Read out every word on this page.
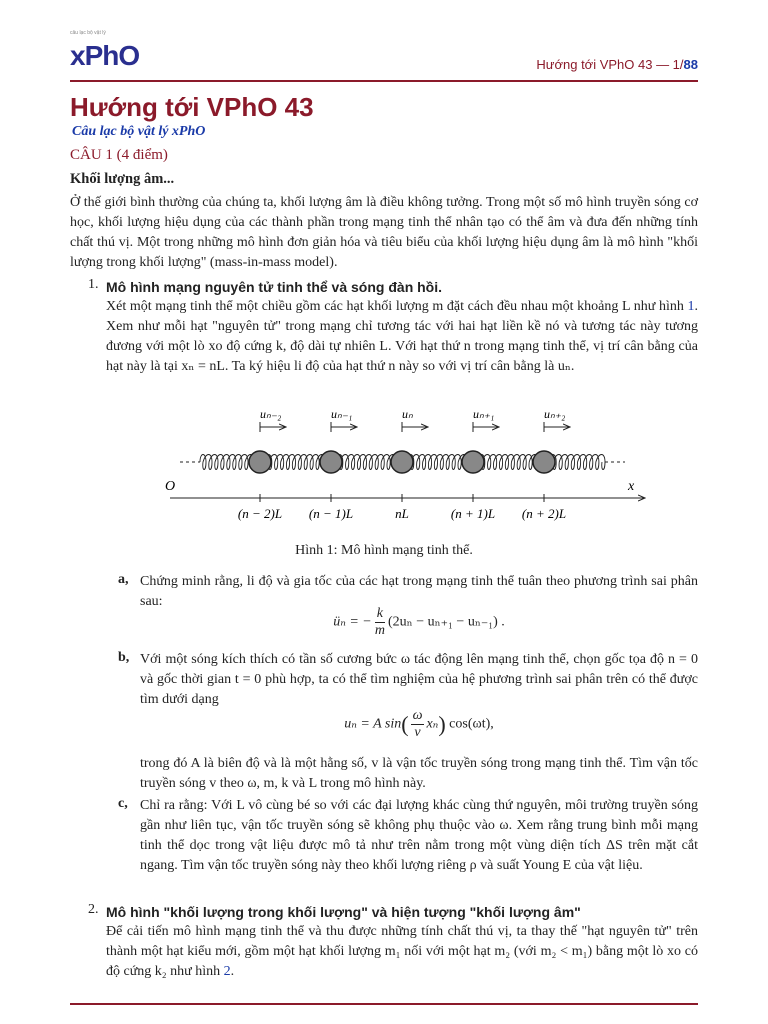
câu lạc bộ vật lý
xPhO	Hướng tới VPhO 43 — 1/88
Hướng tới VPhO 43
Câu lạc bộ vật lý xPhO
CÂU 1 (4 điểm)
Khối lượng âm...
Ở thế giới bình thường của chúng ta, khối lượng âm là điều không tưởng. Trong một số mô hình truyền sóng cơ học, khối lượng hiệu dụng của các thành phần trong mạng tinh thể nhân tạo có thể âm và đưa đến những tính chất thú vị. Một trong những mô hình đơn giản hóa và tiêu biểu của khối lượng hiệu dụng âm là mô hình "khối lượng trong khối lượng" (mass-in-mass model).
1. Mô hình mạng nguyên tử tinh thể và sóng đàn hồi.
Xét một mạng tinh thể một chiều gồm các hạt khối lượng m đặt cách đều nhau một khoảng L như hình 1. Xem như mỗi hạt "nguyên tử" trong mạng chỉ tương tác với hai hạt liền kề nó và tương tác này tương đương với một lò xo độ cứng k, độ dài tự nhiên L. Với hạt thứ n trong mạng tinh thể, vị trí cân bằng của hạt này là tại xₙ = nL. Ta ký hiệu li độ của hạt thứ n này so với vị trí cân bằng là uₙ.
uₙ₋₂	uₙ₋₁	uₙ	uₙ₊₁	uₙ₊₂
O	x
(n − 2)L (n − 1)L	nL	(n + 1)L (n + 2)L
Hình 1: Mô hình mạng tinh thể.
a, Chứng minh rằng, li độ và gia tốc của các hạt trong mạng tinh thể tuân theo phương trình sai phân sau:
üₙ = − $\frac{k}{m} (2u_n - u_{n+1} - u_{n-1})$ .
b, Với một sóng kích thích có tần số cương bức ω tác động lên mạng tinh thể, chọn gốc tọa độ n = 0 và gốc thời gian t = 0 phù hợp, ta có thể tìm nghiệm của hệ phương trình sai phân trên có thể được tìm dưới dạng
uₙ = A $\sin( \frac{\omega}{v} x_n)$ cos(ωt),
trong đó A là biên độ và là một hằng số, v là vận tốc truyền sóng trong mạng tinh thể. Tìm vận tốc truyền sóng v theo ω, m, k và L trong mô hình này.
c, Chỉ ra rằng: Với L vô cùng bé so với các đại lượng khác cùng thứ nguyên, môi trường truyền sóng gần như liên tục, vận tốc truyền sóng sẽ không phụ thuộc vào ω. Xem rằng trung bình mỗi mạng tinh thể dọc trong vật liệu được mô tả như trên nằm trong một vùng diện tích ΔS trên mặt cắt ngang. Tìm vận tốc truyền sóng này theo khối lượng riêng ρ và suất Young E của vật liệu.
2. Mô hình "khối lượng trong khối lượng" và hiện tượng "khối lượng âm"
Để cải tiến mô hình mạng tinh thể và thu được những tính chất thú vị, ta thay thế "hạt nguyên tử" trên thành một hạt kiểu mới, gồm một hạt khối lượng m₁ nối với một hạt m₂ (với m₂ < m₁) bằng một lò xo có độ cứng k₂ như hình 2.
